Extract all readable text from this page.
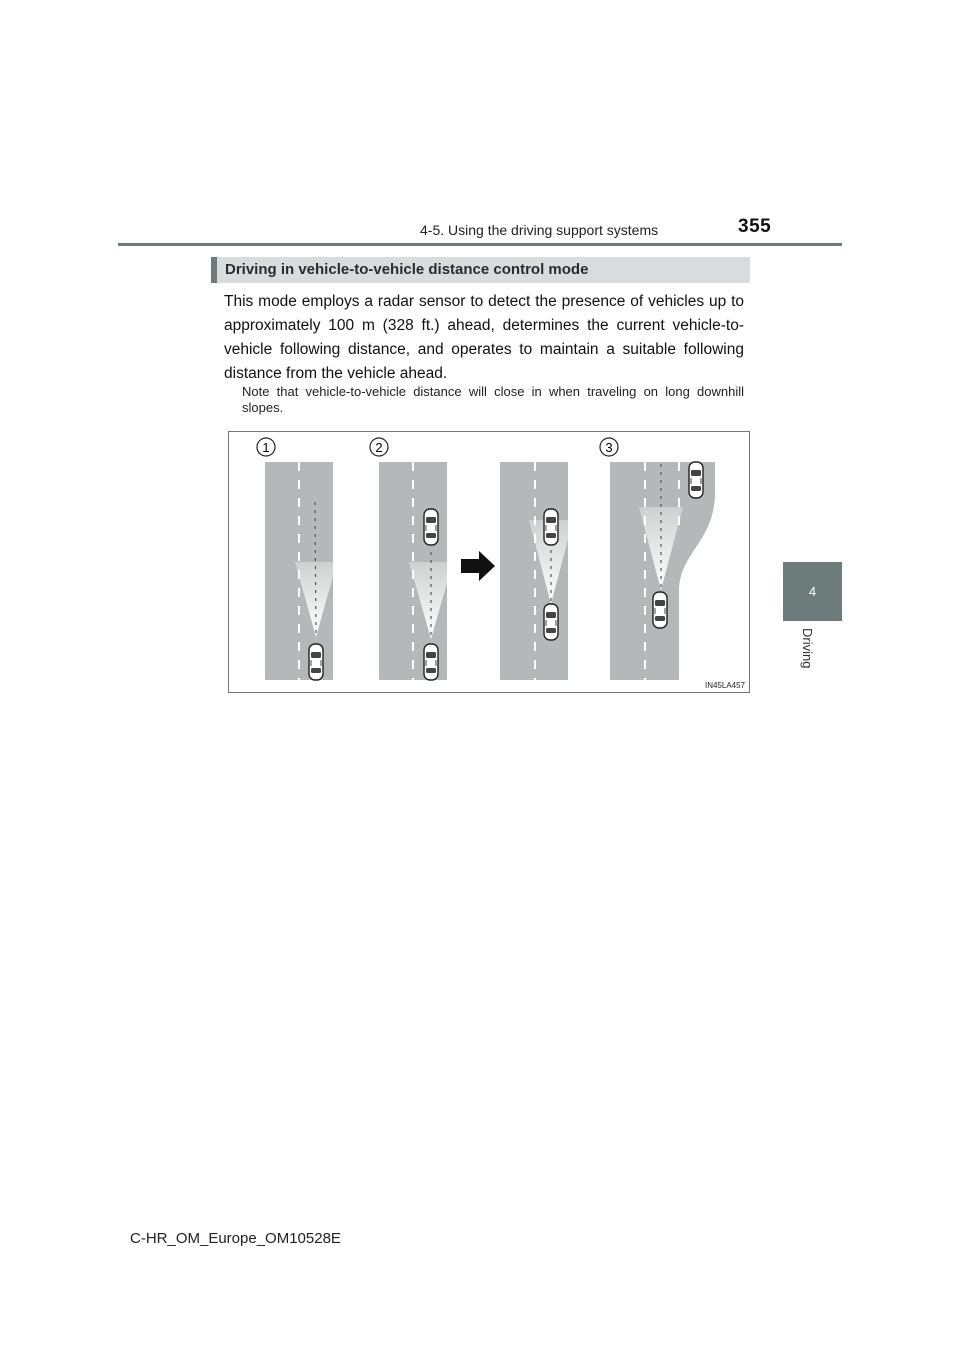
4-5. Using the driving support systems	355
4
Driving
Driving in vehicle-to-vehicle distance control mode
This mode employs a radar sensor to detect the presence of vehicles up to approximately 100 m (328 ft.) ahead, determines the current vehicle-to-vehicle following distance, and operates to maintain a suitable following distance from the vehicle ahead.
Note that vehicle-to-vehicle distance will close in when traveling on long downhill slopes.
1	2	3
IN45LA457
C-HR_OM_Europe_OM10528E
